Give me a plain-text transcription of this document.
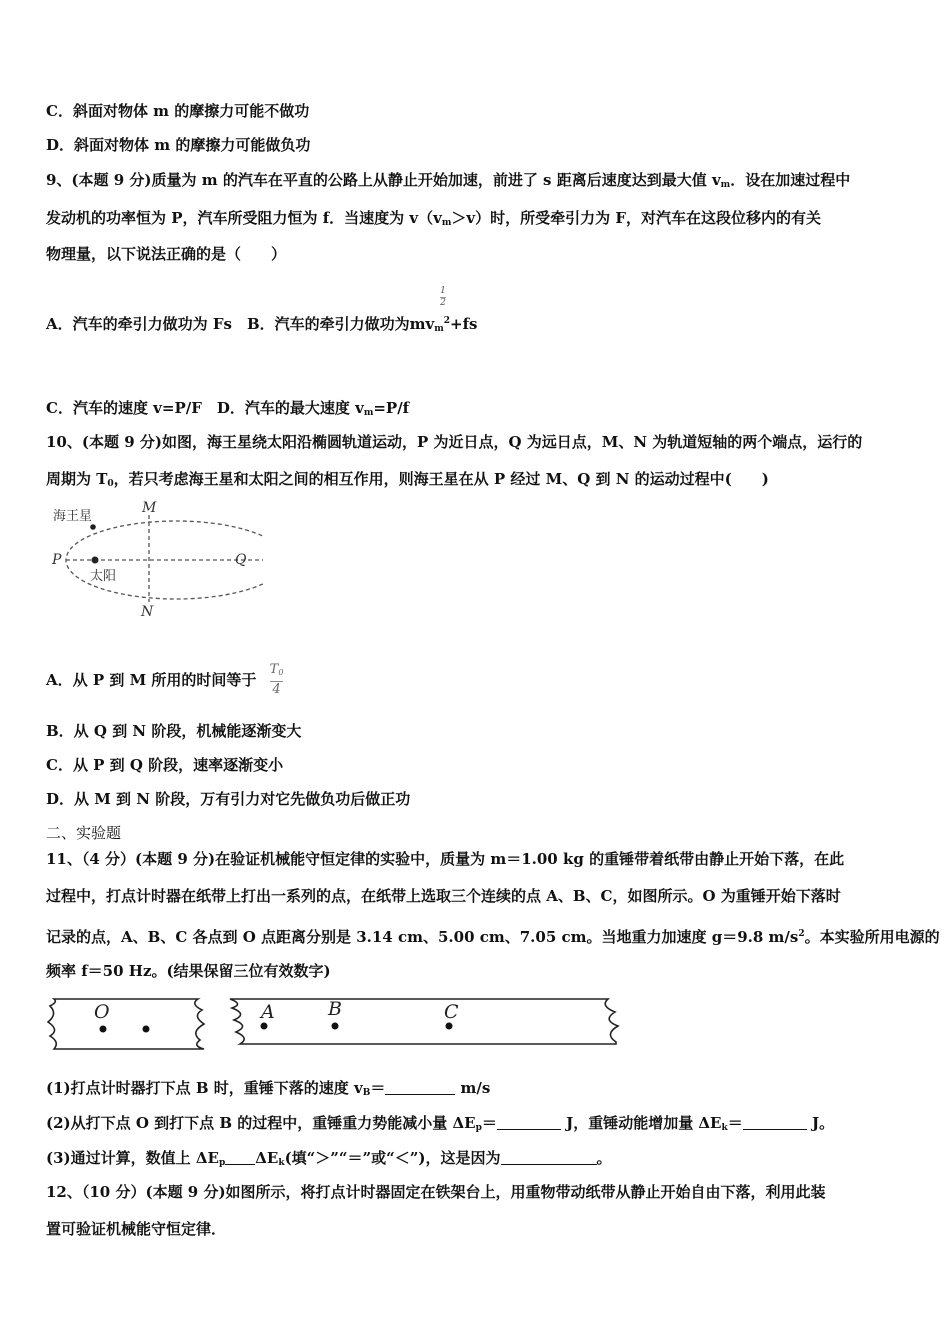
C．斜面对物体 m 的摩擦力可能不做功
D．斜面对物体 m 的摩擦力可能做负功
9、(本题 9 分)质量为 m 的汽车在平直的公路上从静止开始加速，前进了 s 距离后速度达到最大值 $v_m$．设在加速过程中
发动机的功率恒为 P，汽车所受阻力恒为 f．当速度为 $v(v_m>v)$时，所受牵引力为 F，对汽车在这段位移内的有关
物理量，以下说法正确的是（　　）
1
2
A．汽车的牵引力做功为 Fs　B．汽车的牵引力做功为$mv_m^2+fs$
C．汽车的速度 v=P/F　D．汽车的最大速度 $v_m=P/f$
10、(本题 9 分)如图，海王星绕太阳沿椭圆轨道运动，P 为近日点，Q 为远日点，M、N 为轨道短轴的两个端点，运行的
周期为 $T_0$，若只考虑海王星和太阳之间的相互作用，则海王星在从 P 经过 M、Q 到 N 的运动过程中(　　)
海王星
太阳
P
M
N
Q
A．从 P 到 M 所用的时间等于 $\frac{T0}{4}$
B．从 Q 到 N 阶段，机械能逐渐变大
C．从 P 到 Q 阶段，速率逐渐变小
D．从 M 到 N 阶段，万有引力对它先做负功后做正功
二、实验题
11、（4 分）(本题 9 分)在验证机械能守恒定律的实验中，质量为 m＝1.00 kg 的重锤带着纸带由静止开始下落，在此
过程中，打点计时器在纸带上打出一系列的点，在纸带上选取三个连续的点 A、B、C，如图所示。O 为重锤开始下落时
记录的点，A、B、C 各点到 O 点距离分别是 3.14 cm、5.00 cm、7.05 cm。当地重力加速度 g＝9.8 $m/s^2$。本实验所用电源的
频率 f＝50 Hz。(结果保留三位有效数字)
O	A	B	C
(1)打点计时器打下点 B 时，重锤下落的速度 $v_B=$	m/s
(2)从打下点 O 到打下点 B 的过程中，重锤重力势能减小量 $\Delta E_p=$	J，重锤动能增加量 $\Delta E_k=$	J。
(3)通过计算，数值上 $\Delta E_p$ $\Delta E_k$(填“＞”“＝”或“＜”)，这是因为	。
12、（10 分）(本题 9 分)如图所示，将打点计时器固定在铁架台上，用重物带动纸带从静止开始自由下落，利用此装
置可验证机械能守恒定律．
